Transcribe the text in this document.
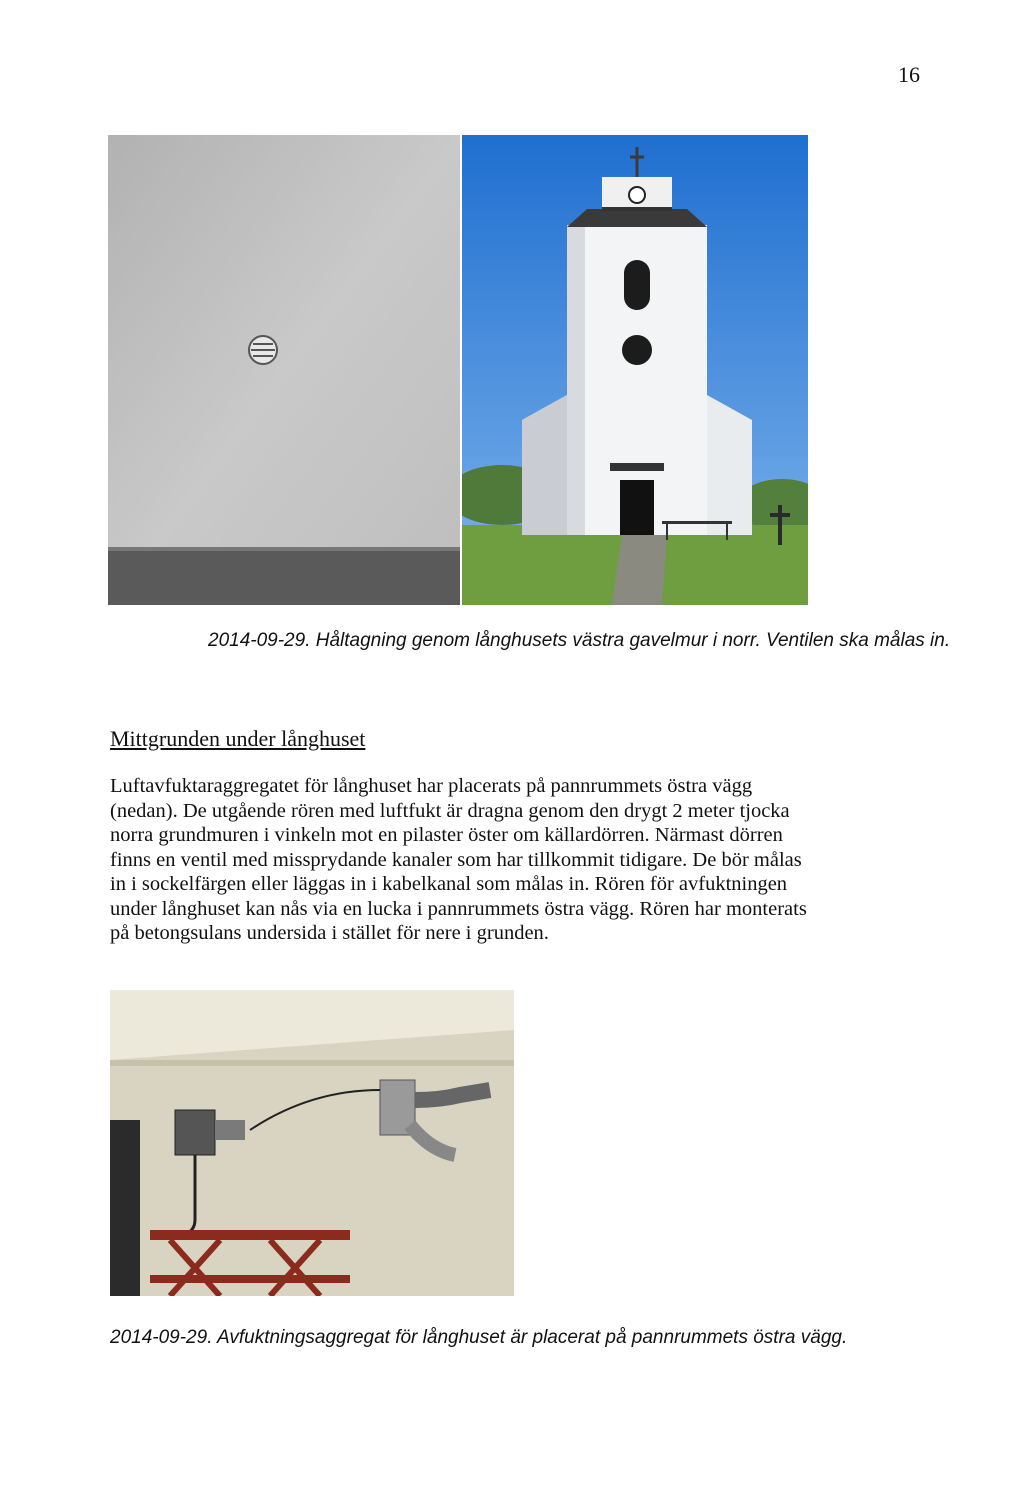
16
2014-09-29. Håltagning genom långhusets västra gavelmur i norr. Ventilen ska målas in.
Mittgrunden under långhuset

Luftavfuktaraggregatet för långhuset har placerats på pannrummets östra vägg
(nedan). De utgående rören med luftfukt är dragna genom den drygt 2 meter tjocka
norra grundmuren i vinkeln mot en pilaster öster om källardörren. Närmast dörren
finns en ventil med missprydande kanaler som har tillkommit tidigare. De bör målas
in i sockelfärgen eller läggas in i kabelkanal som målas in. Rören för avfuktningen
under långhuset kan nås via en lucka i pannrummets östra vägg. Rören har monterats
på betongsulans undersida i stället för nere i grunden.

2014-09-29. Avfuktningsaggregat för långhuset är placerat på pannrummets östra vägg.
